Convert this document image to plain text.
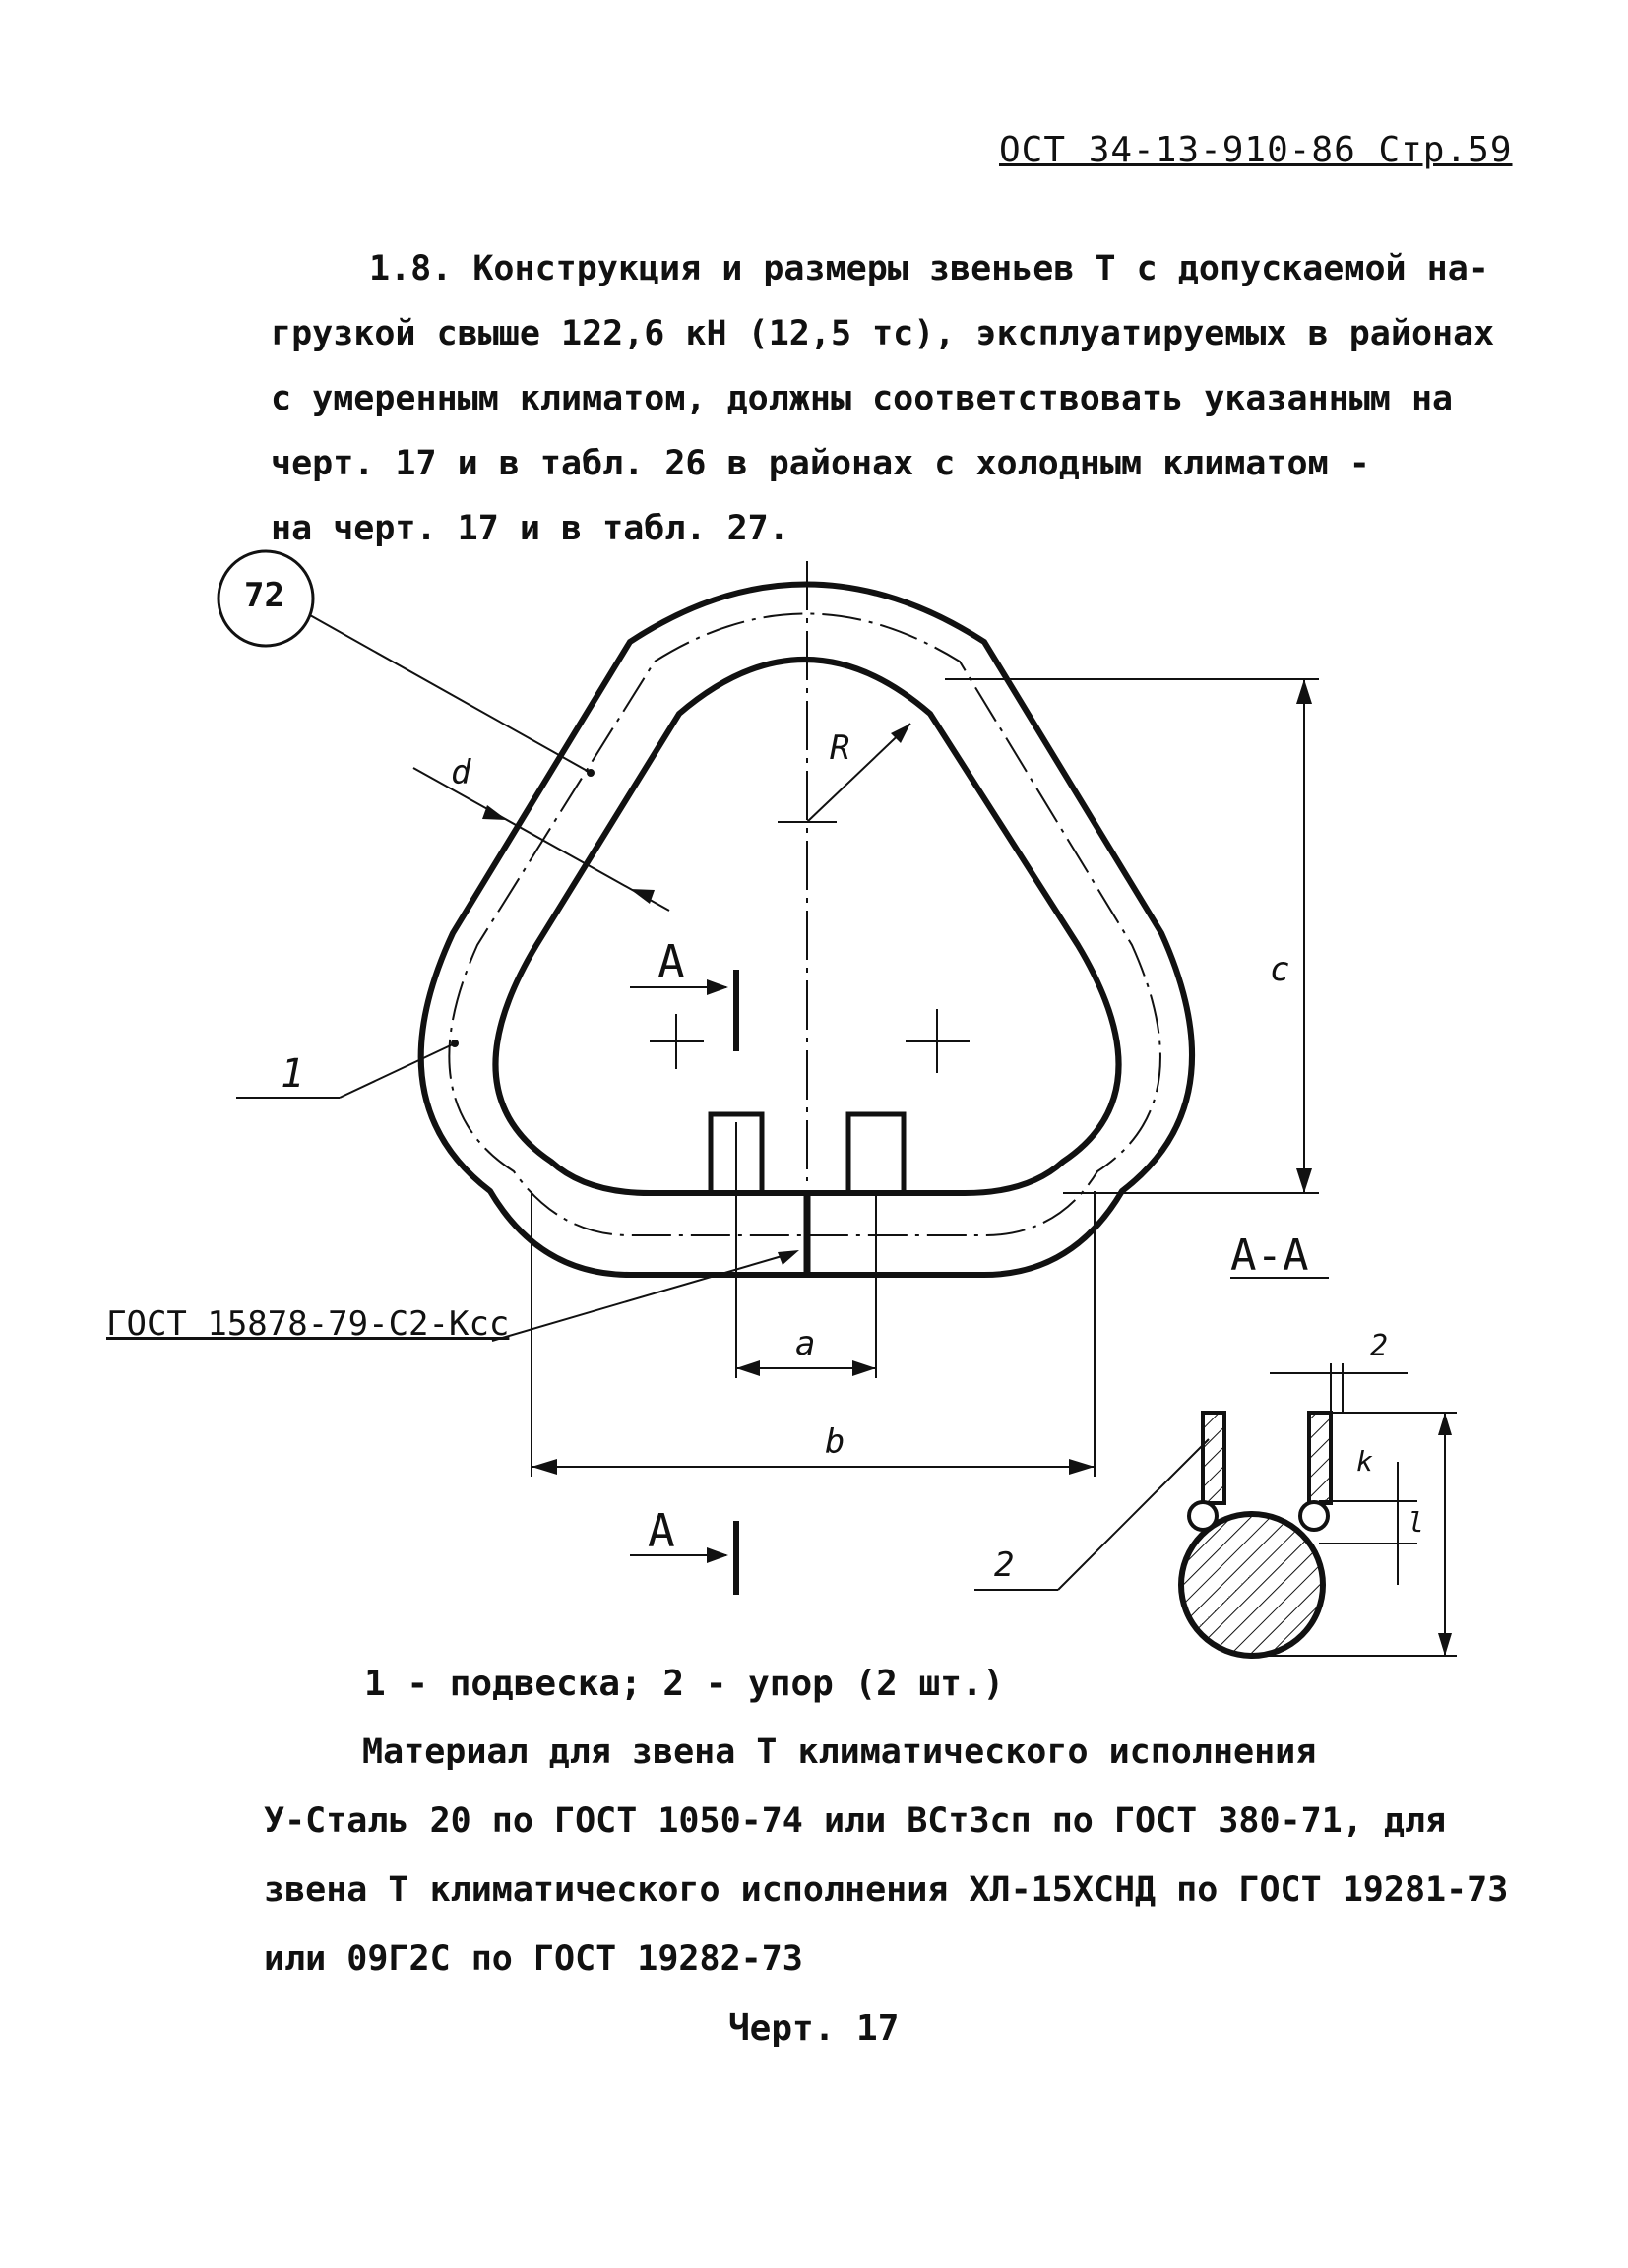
ОСТ 34-13-910-86 Стр.59
1.8. Конструкция и размеры звеньев Т с допускаемой на-
грузкой свыше 122,6 кН (12,5 тс), эксплуатируемых в районах
с умеренным климатом, должны соответствовать указанным на
черт. 17 и в табл. 26 в районах с холодным климатом -
на черт. 17 и в табл. 27.
72
d
R
c
a
b
A
A
A-A
1
2
2
k
l
ГОСТ 15878-79-С2-Ксс
1 - подвеска; 2 - упор (2 шт.)
Материал для звена Т климатического исполнения
У-Сталь 20 по ГОСТ 1050-74 или ВСт3сп по ГОСТ 380-71, для
звена Т климатического исполнения ХЛ-15ХСНД по ГОСТ 19281-73
или 09Г2С по ГОСТ 19282-73
Черт. 17
